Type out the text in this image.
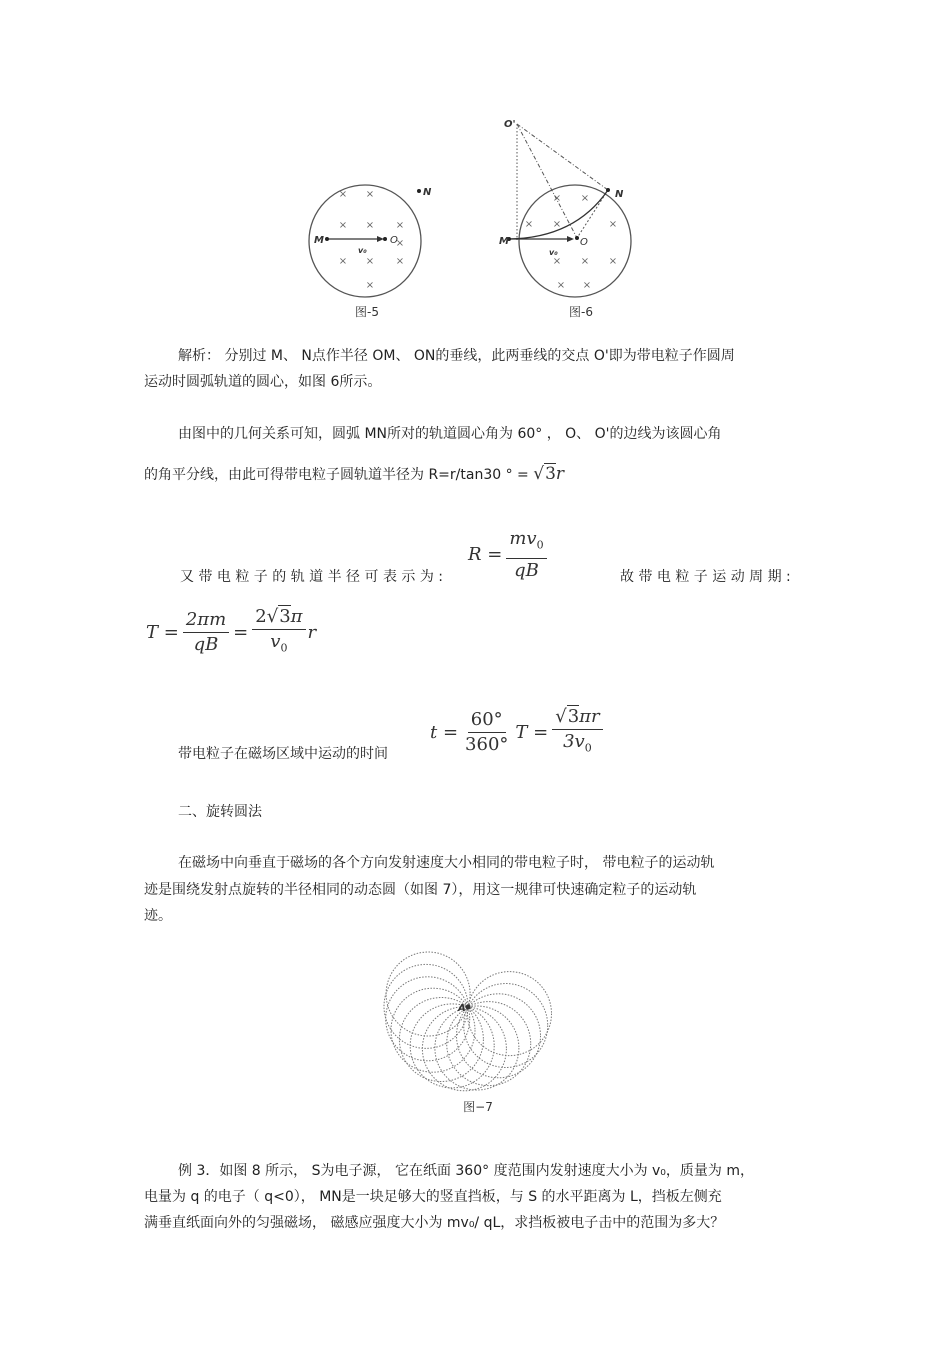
× ×
× × ×
×
× × ×
×
M	O
N
v₀
图-5
× ×
× ×	×
× × ×
× ×
O'
M	O
N
v₀
图-6
解析： 分别过 M、 N点作半径 OM、 ON的垂线，此两垂线的交点 O'即为带电粒子作圆周
运动时圆弧轨道的圆心，如图 6所示。
由图中的几何关系可知，圆弧 MN所对的轨道圆心角为 60° ， O、 O'的边线为该圆心角
的角平分线，由此可得带电粒子圆轨道半径为 R=r/tan30 ° = √3r
$R = \frac{mv_0}{qB}$
又 带 电 粒 子 的 轨 道 半 径 可 表 示 为 :	故 带 电 粒 子 运 动 周 期 :
$T = \frac{2\pi m}{qB} = \frac{2√3\pi}{v_0}$ r
$t = \frac{60^\circ}{360^\circ}$ $T = \frac{√3\pi r}{3v_0}$
带电粒子在磁场区域中运动的时间
二、旋转圆法
在磁场中向垂直于磁场的各个方向发射速度大小相同的带电粒子时， 带电粒子的运动轨
迹是围绕发射点旋转的半径相同的动态圆（如图 7），用这一规律可快速确定粒子的运动轨
迹。
A
图−7
例 3．如图 8 所示， S为电子源， 它在纸面 360° 度范围内发射速度大小为 v₀，质量为 m，
电量为 q 的电子（ q<0）， MN是一块足够大的竖直挡板，与 S 的水平距离为 L，挡板左侧充
满垂直纸面向外的匀强磁场， 磁感应强度大小为 mv₀/ qL，求挡板被电子击中的范围为多大？
